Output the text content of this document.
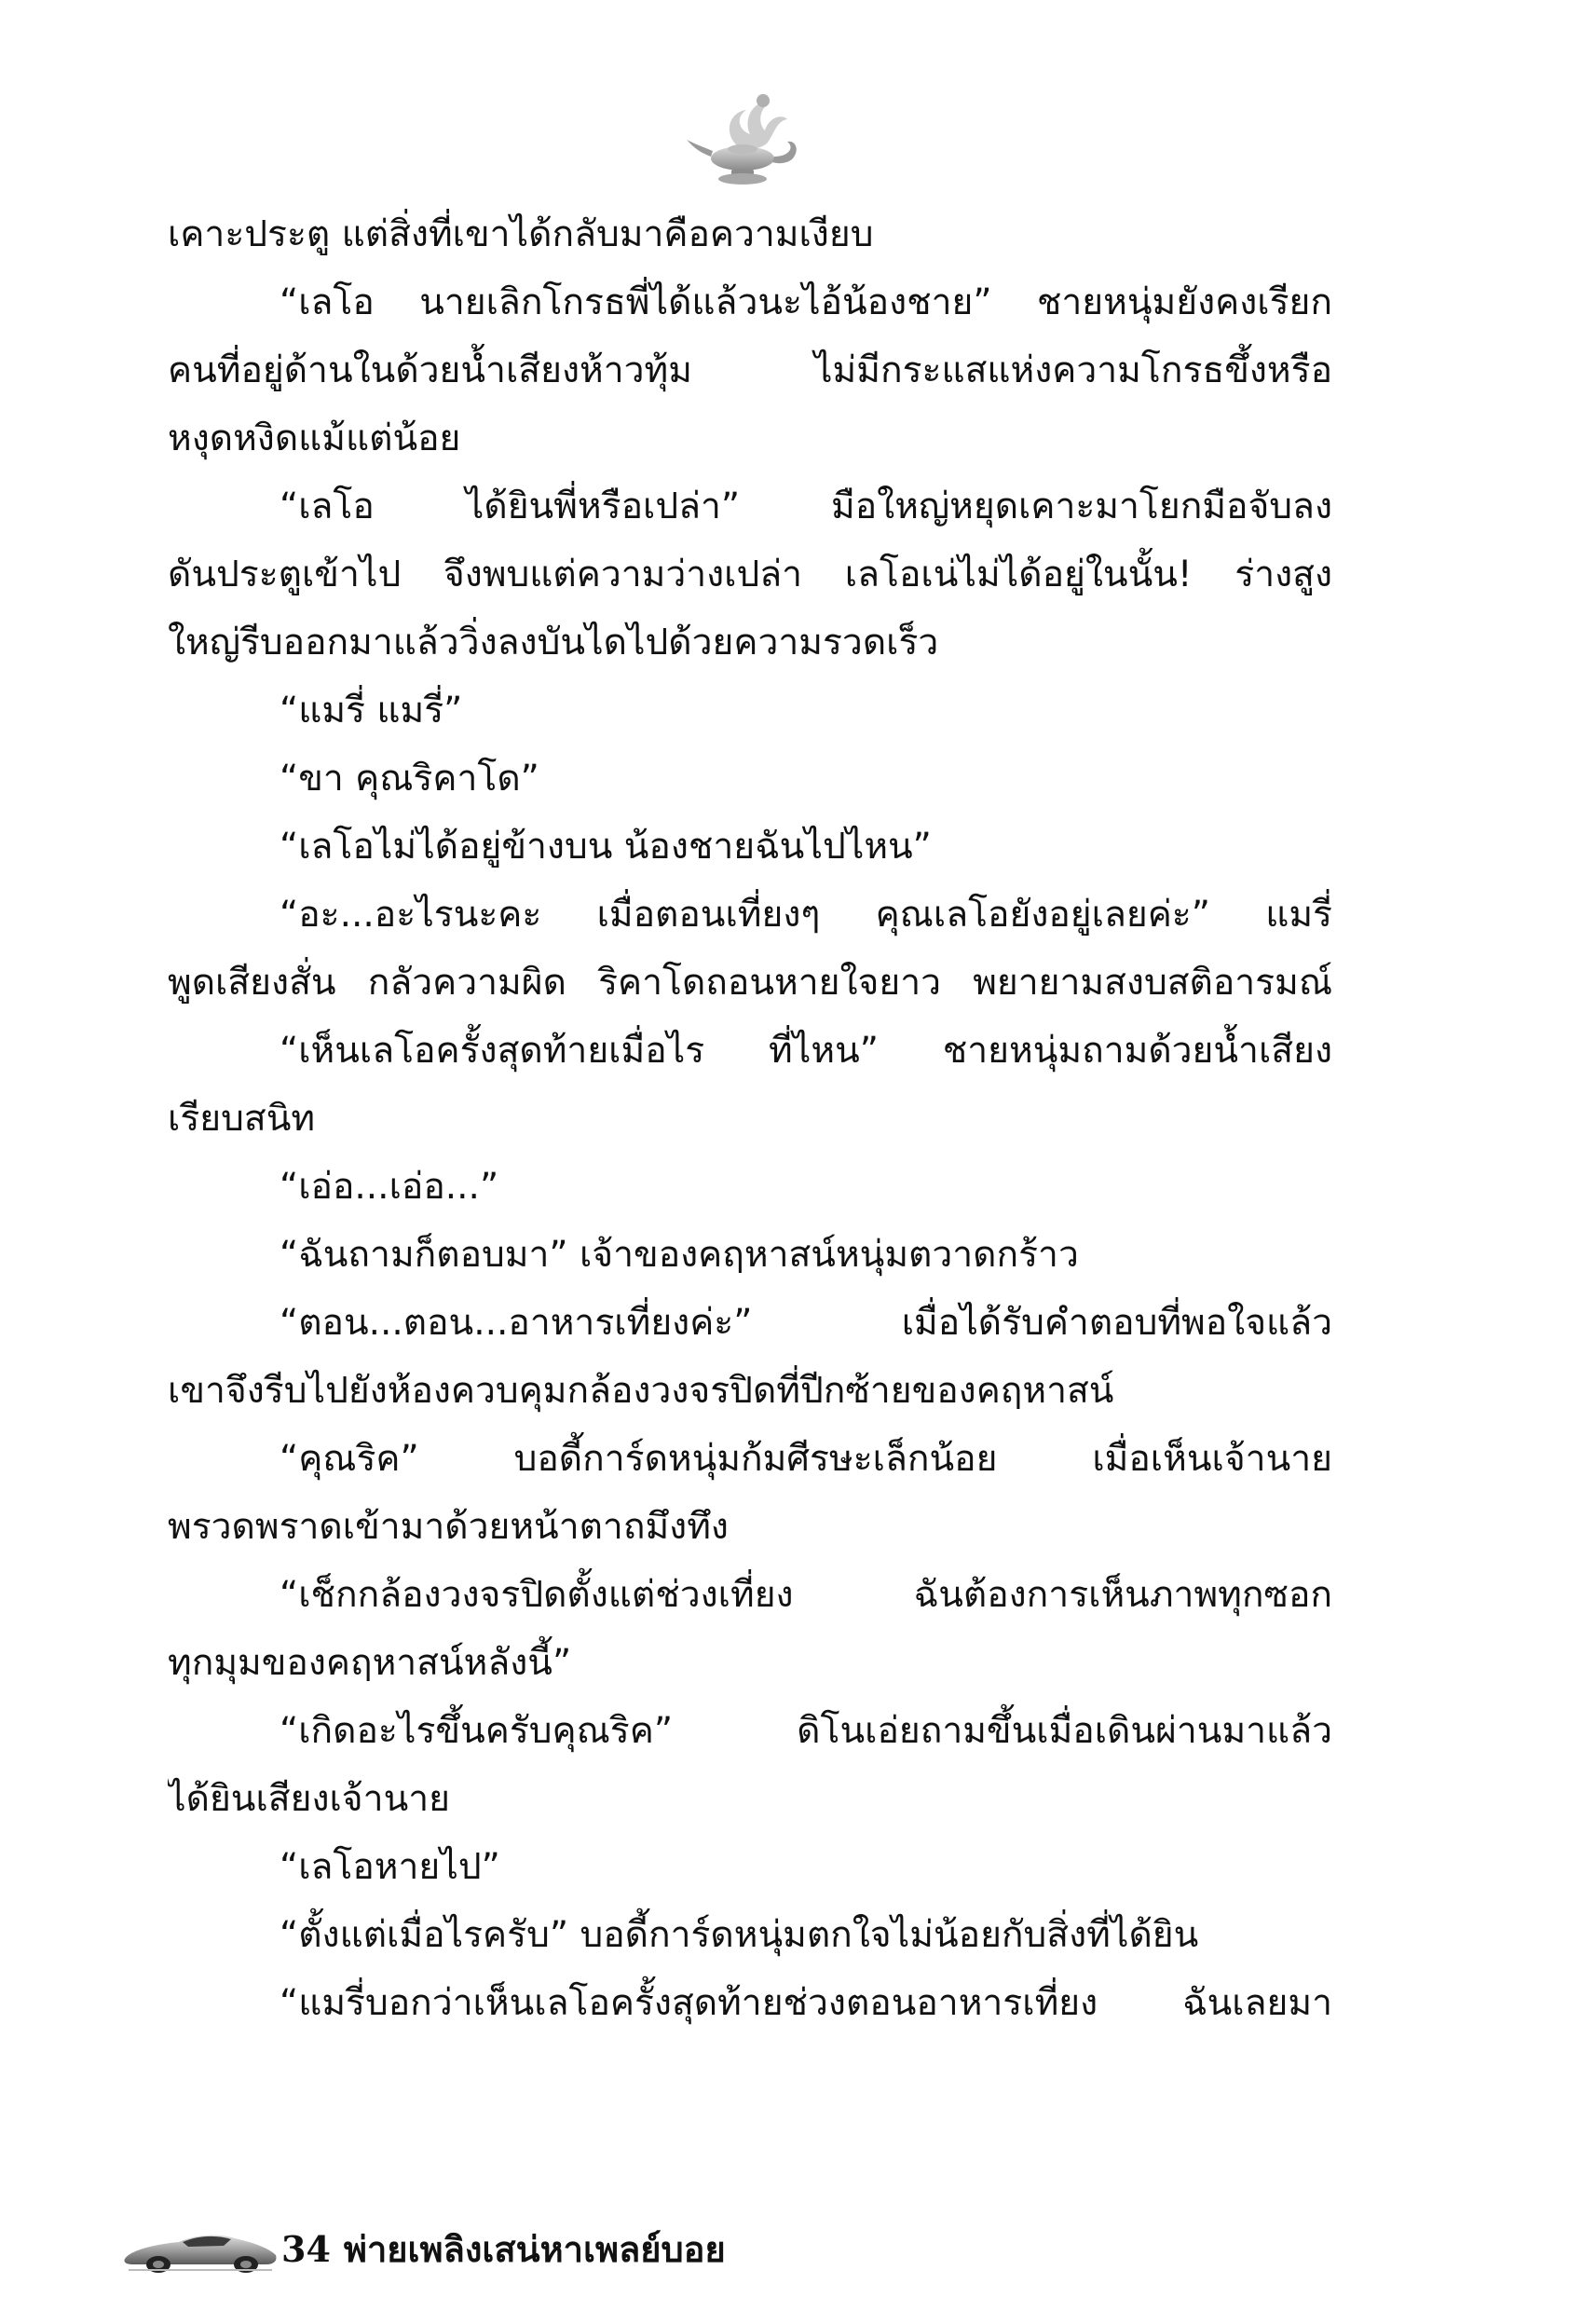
เคาะประตู แต่สิ่งที่เขาได้กลับมาคือความเงียบ
“เลโอ นายเลิกโกรธพี่ได้แล้วนะไอ้น้องชาย” ชายหนุ่มยังคงเรียก
คนที่อยู่ด้านในด้วยน้ำเสียงห้าวทุ้ม ไม่มีกระแสแห่งความโกรธขึ้งหรือ
หงุดหงิดแม้แต่น้อย
“เลโอ ได้ยินพี่หรือเปล่า” มือใหญ่หยุดเคาะมาโยกมือจับลง
ดันประตูเข้าไป จึงพบแต่ความว่างเปล่า เลโอเน่ไม่ได้อยู่ในนั้น! ร่างสูง
ใหญ่รีบออกมาแล้ววิ่งลงบันไดไปด้วยความรวดเร็ว
“แมรี่ แมรี่”
“ขา คุณริคาโด”
“เลโอไม่ได้อยู่ข้างบน น้องชายฉันไปไหน”
“อะ...อะไรนะคะ เมื่อตอนเที่ยงๆ คุณเลโอยังอยู่เลยค่ะ” แมรี่
พูดเสียงสั่น กลัวความผิด ริคาโดถอนหายใจยาว พยายามสงบสติอารมณ์
“เห็นเลโอครั้งสุดท้ายเมื่อไร ที่ไหน” ชายหนุ่มถามด้วยน้ำเสียง
เรียบสนิท
“เอ่อ...เอ่อ...”
“ฉันถามก็ตอบมา” เจ้าของคฤหาสน์หนุ่มตวาดกร้าว
“ตอน...ตอน...อาหารเที่ยงค่ะ” เมื่อได้รับคำตอบที่พอใจแล้ว
เขาจึงรีบไปยังห้องควบคุมกล้องวงจรปิดที่ปีกซ้ายของคฤหาสน์
“คุณริค” บอดี้การ์ดหนุ่มก้มศีรษะเล็กน้อย เมื่อเห็นเจ้านาย
พรวดพราดเข้ามาด้วยหน้าตาถมึงทึง
“เช็กกล้องวงจรปิดตั้งแต่ช่วงเที่ยง ฉันต้องการเห็นภาพทุกซอก
ทุกมุมของคฤหาสน์หลังนี้”
“เกิดอะไรขึ้นครับคุณริค” ดิโนเอ่ยถามขึ้นเมื่อเดินผ่านมาแล้ว
ได้ยินเสียงเจ้านาย
“เลโอหายไป”
“ตั้งแต่เมื่อไรครับ” บอดี้การ์ดหนุ่มตกใจไม่น้อยกับสิ่งที่ได้ยิน
“แมรี่บอกว่าเห็นเลโอครั้งสุดท้ายช่วงตอนอาหารเที่ยง ฉันเลยมา
34 พ่ายเพลิงเสน่หาเพลย์บอย
